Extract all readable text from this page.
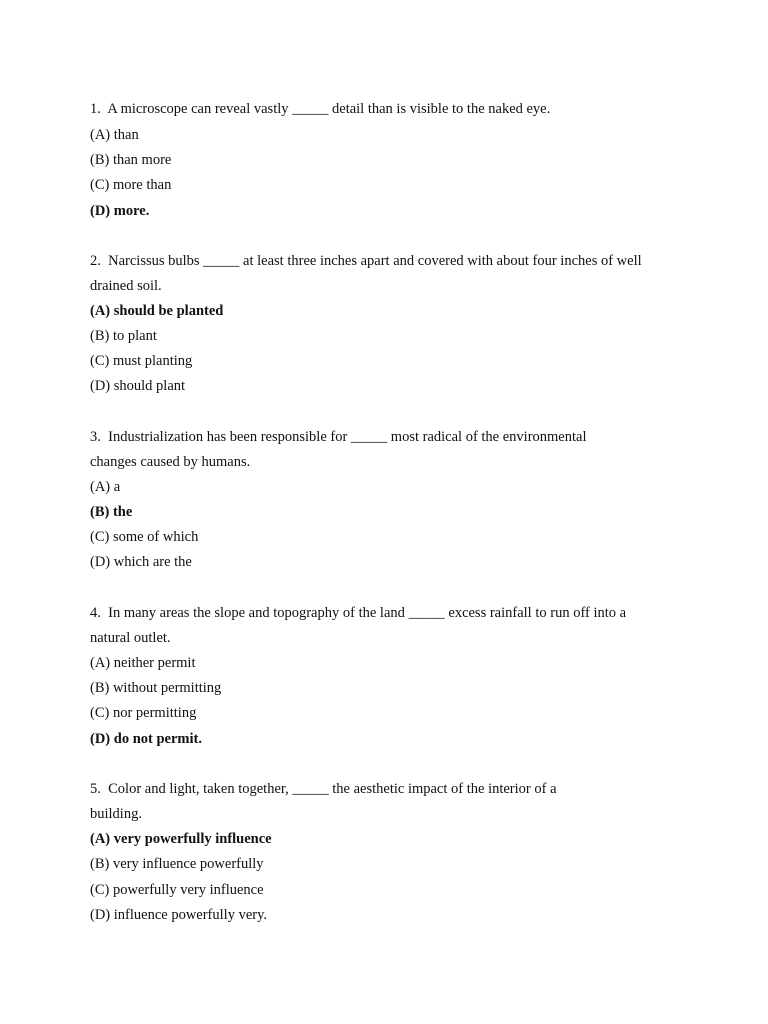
1.  A microscope can reveal vastly _____ detail than is visible to the naked eye.
(A) than
(B) than more
(C) more than
(D) more.
2.  Narcissus bulbs _____ at least three inches apart and covered with about four inches of well
drained soil.
(A) should be planted
(B) to plant
(C) must planting
(D) should plant
3.  Industrialization has been responsible for _____ most radical of the environmental
changes caused by humans.
(A) a
(B) the
(C) some of which
(D) which are the
4.  In many areas the slope and topography of the land _____ excess rainfall to run off into a
natural outlet.
(A) neither permit
(B) without permitting
(C) nor permitting
(D) do not permit.
5.  Color and light, taken together, _____ the aesthetic impact of the interior of a
building.
(A) very powerfully influence
(B) very influence powerfully
(C) powerfully very influence
(D) influence powerfully very.
